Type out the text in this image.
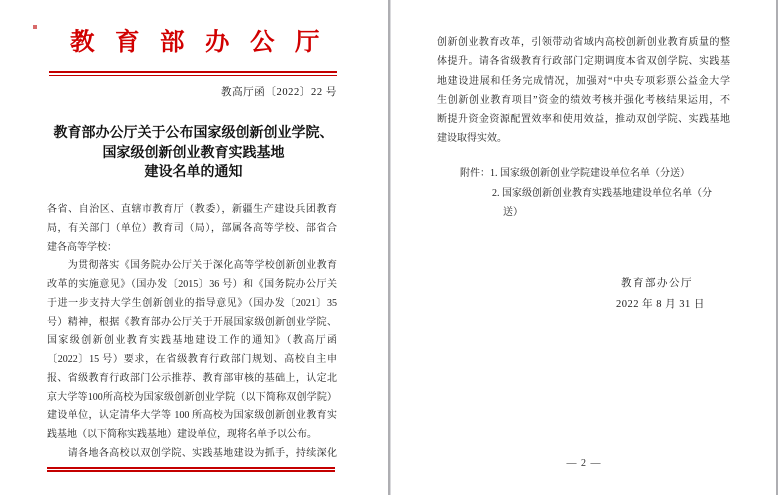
教育部办公厅
教高厅函〔2022〕22 号
教育部办公厅关于公布国家级创新创业学院、
国家级创新创业教育实践基地
建设名单的通知
各省、自治区、直辖市教育厅（教委），新疆生产建设兵团教育
局，有关部门（单位）教育司（局），部属各高等学校、部省合
建各高等学校：
　　为贯彻落实《国务院办公厅关于深化高等学校创新创业教育
改革的实施意见》（国办发〔2015〕36 号）和《国务院办公厅关
于进一步支持大学生创新创业的指导意见》（国办发〔2021〕35
号）精神，根据《教育部办公厅关于开展国家级创新创业学院、
国家级创新创业教育实践基地建设工作的通知》（教高厅函
〔2022〕15 号）要求，在省级教育行政部门规划、高校自主申
报、省级教育行政部门公示推荐、教育部审核的基础上，认定北
京大学等100所高校为国家级创新创业学院（以下简称双创学院）
建设单位，认定清华大学等 100 所高校为国家级创新创业教育实
践基地（以下简称实践基地）建设单位，现将名单予以公布。
　　请各地各高校以双创学院、实践基地建设为抓手，持续深化
创新创业教育改革，引领带动省域内高校创新创业教育质量的整
体提升。请各省级教育行政部门定期调度本省双创学院、实践基
地建设进展和任务完成情况，加强对“中央专项彩票公益金大学
生创新创业教育项目”资金的绩效考核并强化考核结果运用，不
断提升资金资源配置效率和使用效益，推动双创学院、实践基地
建设取得实效。
附件：1. 国家级创新创业学院建设单位名单（分送）
2. 国家级创新创业教育实践基地建设单位名单（分
送）
教育部办公厅
2022 年 8 月 31 日
— 2 —
